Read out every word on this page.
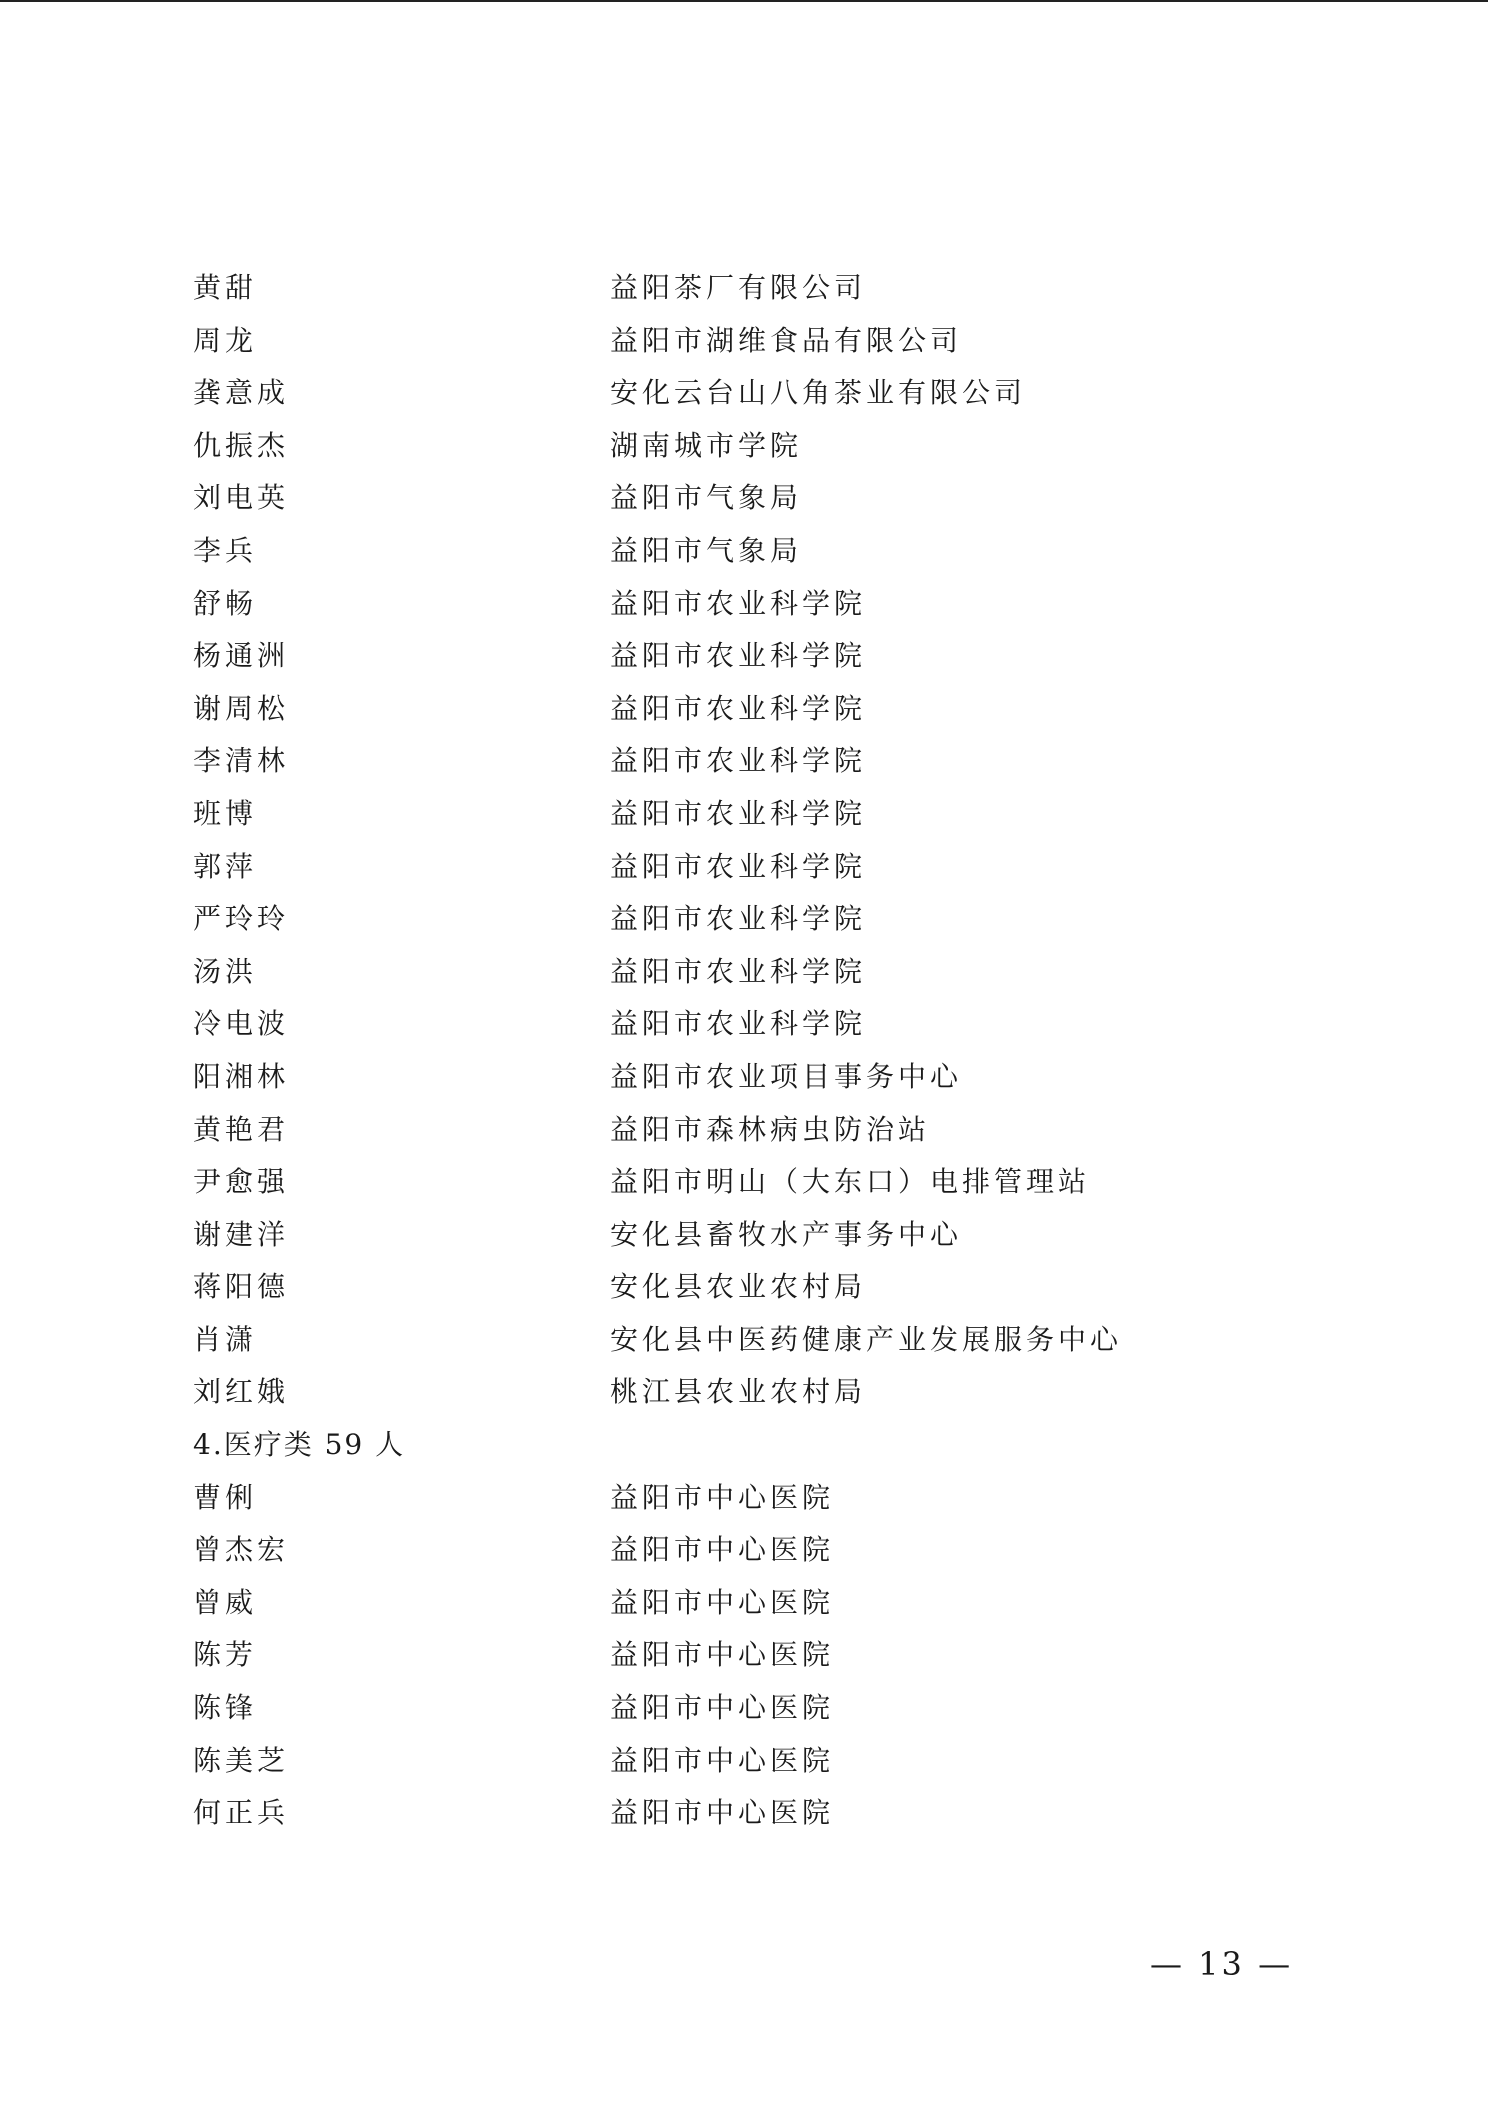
黄甜	益阳茶厂有限公司
周龙	益阳市湖维食品有限公司
龚意成	安化云台山八角茶业有限公司
仇振杰	湖南城市学院
刘电英	益阳市气象局
李兵	益阳市气象局
舒畅	益阳市农业科学院
杨通洲	益阳市农业科学院
谢周松	益阳市农业科学院
李清林	益阳市农业科学院
班博	益阳市农业科学院
郭萍	益阳市农业科学院
严玲玲	益阳市农业科学院
汤洪	益阳市农业科学院
冷电波	益阳市农业科学院
阳湘林	益阳市农业项目事务中心
黄艳君	益阳市森林病虫防治站
尹愈强	益阳市明山（大东口）电排管理站
谢建洋	安化县畜牧水产事务中心
蒋阳德	安化县农业农村局
肖潇	安化县中医药健康产业发展服务中心
刘红娥	桃江县农业农村局
4.医疗类 59 人
曹俐	益阳市中心医院
曾杰宏	益阳市中心医院
曾威	益阳市中心医院
陈芳	益阳市中心医院
陈锋	益阳市中心医院
陈美芝	益阳市中心医院
何正兵	益阳市中心医院
— 13 —
